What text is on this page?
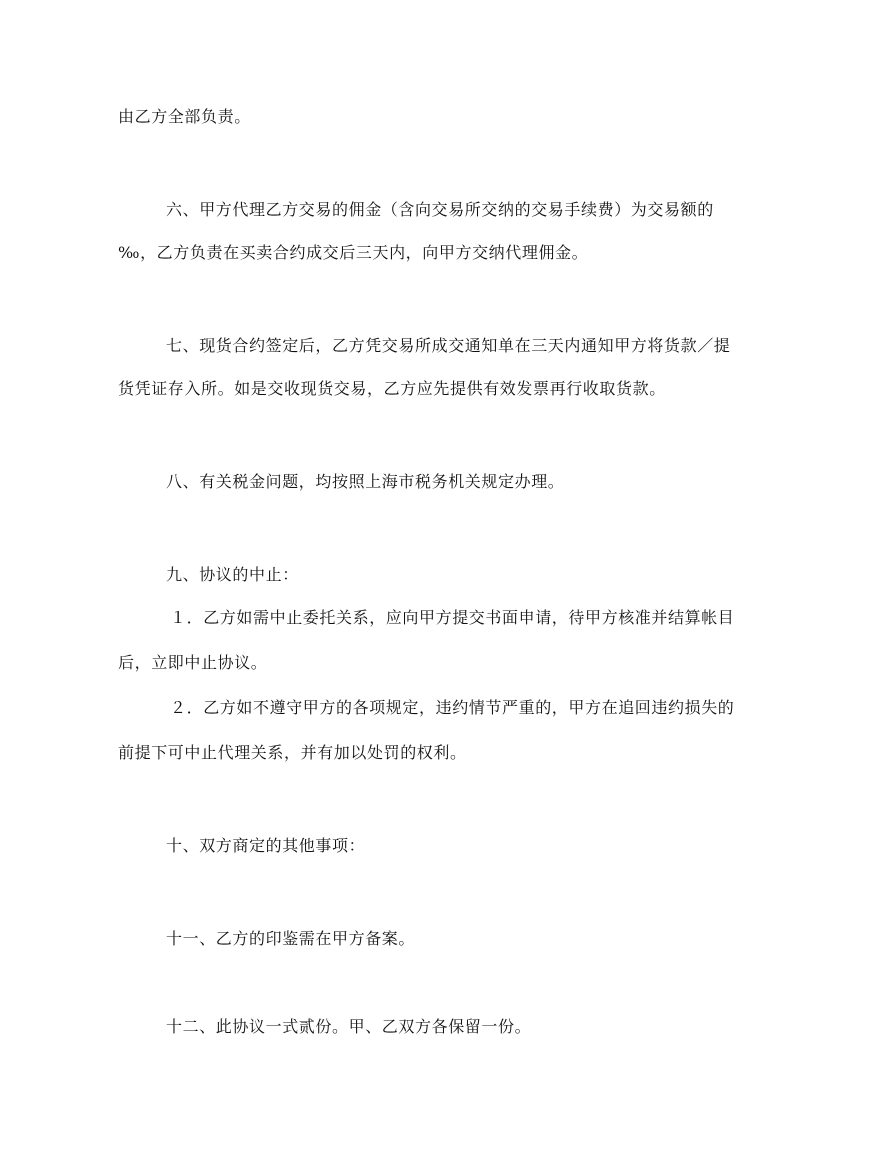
由乙方全部负责。
六、甲方代理乙方交易的佣金（含向交易所交纳的交易手续费）为交易额的
‰，乙方负责在买卖合约成交后三天内，向甲方交纳代理佣金。
七、现货合约签定后，乙方凭交易所成交通知单在三天内通知甲方将货款／提
货凭证存入所。如是交收现货交易，乙方应先提供有效发票再行收取货款。
八、有关税金问题，均按照上海市税务机关规定办理。
九、协议的中止：
１．乙方如需中止委托关系，应向甲方提交书面申请，待甲方核准并结算帐目
后，立即中止协议。
２．乙方如不遵守甲方的各项规定，违约情节严重的，甲方在追回违约损失的
前提下可中止代理关系，并有加以处罚的权利。
十、双方商定的其他事项：
十一、乙方的印鉴需在甲方备案。
十二、此协议一式贰份。甲、乙双方各保留一份。
